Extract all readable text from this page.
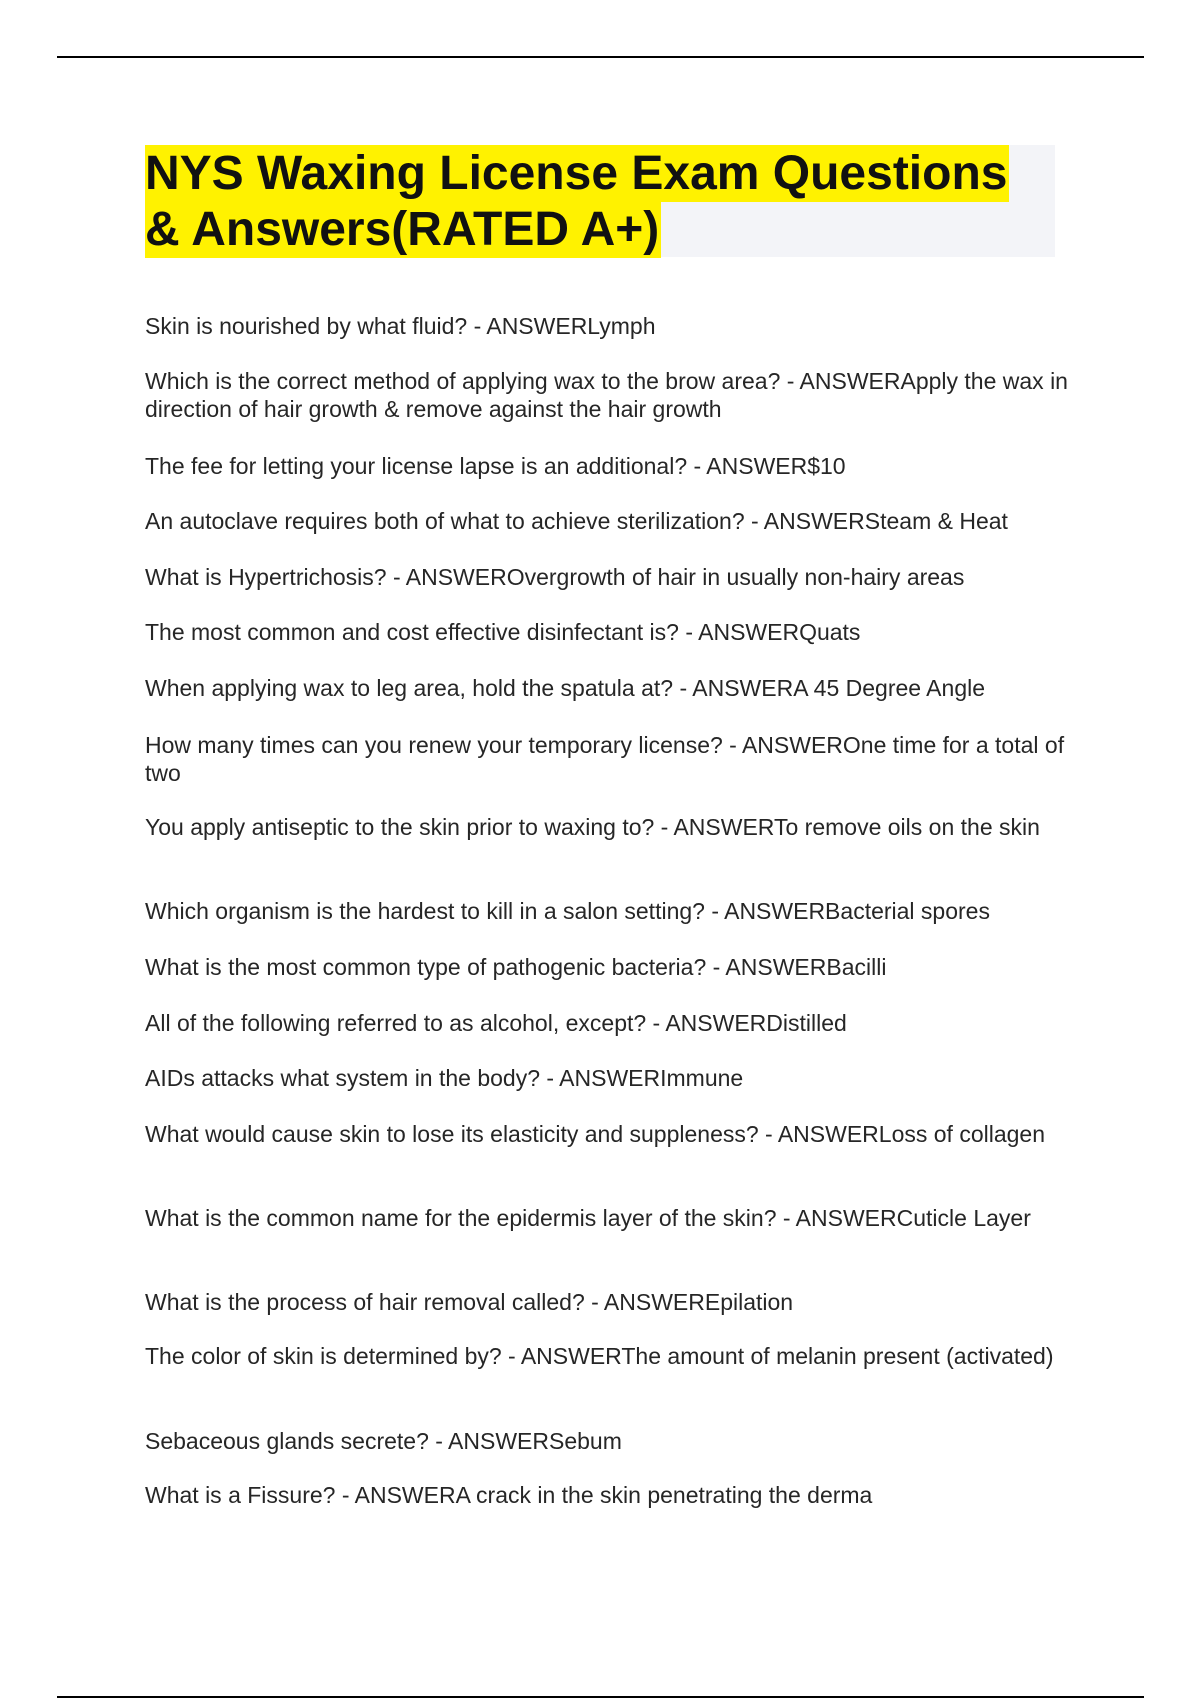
NYS Waxing License Exam Questions
& Answers(RATED A+)

Skin is nourished by what fluid? - ANSWERLymph

Which is the correct method of applying wax to the brow area? - ANSWERApply the wax in direction of hair growth & remove against the hair growth

The fee for letting your license lapse is an additional? - ANSWER$10

An autoclave requires both of what to achieve sterilization? - ANSWERSteam & Heat

What is Hypertrichosis? - ANSWEROvergrowth of hair in usually non-hairy areas

The most common and cost effective disinfectant is? - ANSWERQuats

When applying wax to leg area, hold the spatula at? - ANSWERA 45 Degree Angle

How many times can you renew your temporary license? - ANSWEROne time for a total of two

You apply antiseptic to the skin prior to waxing to? - ANSWERTo remove oils on the skin

Which organism is the hardest to kill in a salon setting? - ANSWERBacterial spores

What is the most common type of pathogenic bacteria? - ANSWERBacilli

All of the following referred to as alcohol, except? - ANSWERDistilled

AIDs attacks what system in the body? - ANSWERImmune

What would cause skin to lose its elasticity and suppleness? - ANSWERLoss of collagen

What is the common name for the epidermis layer of the skin? - ANSWERCuticle Layer

What is the process of hair removal called? - ANSWEREpilation

The color of skin is determined by? - ANSWERThe amount of melanin present (activated)

Sebaceous glands secrete? - ANSWERSebum

What is a Fissure? - ANSWERA crack in the skin penetrating the derma
